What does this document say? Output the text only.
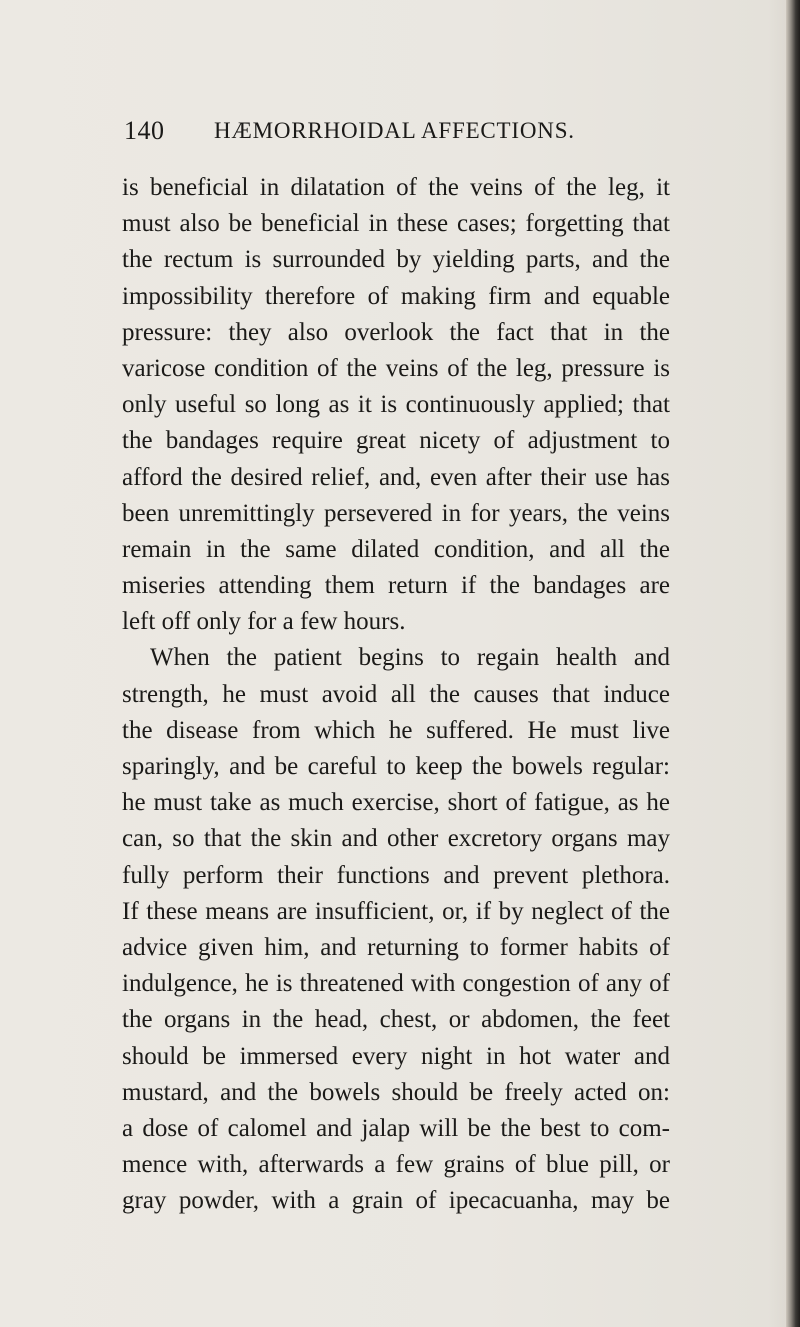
140 HÆMORRHOIDAL AFFECTIONS.
is beneficial in dilatation of the veins of the leg, it
must also be beneficial in these cases; forgetting that
the rectum is surrounded by yielding parts, and the
impossibility therefore of making firm and equable
pressure: they also overlook the fact that in the
varicose condition of the veins of the leg, pressure is
only useful so long as it is continuously applied; that
the bandages require great nicety of adjustment to
afford the desired relief, and, even after their use has
been unremittingly persevered in for years, the veins
remain in the same dilated condition, and all the
miseries attending them return if the bandages are
left off only for a few hours.
When the patient begins to regain health and
strength, he must avoid all the causes that induce
the disease from which he suffered. He must live
sparingly, and be careful to keep the bowels regular:
he must take as much exercise, short of fatigue, as he
can, so that the skin and other excretory organs may
fully perform their functions and prevent plethora.
If these means are insufficient, or, if by neglect of the
advice given him, and returning to former habits of
indulgence, he is threatened with congestion of any of
the organs in the head, chest, or abdomen, the feet
should be immersed every night in hot water and
mustard, and the bowels should be freely acted on:
a dose of calomel and jalap will be the best to com-
mence with, afterwards a few grains of blue pill, or
gray powder, with a grain of ipecacuanha, may be
